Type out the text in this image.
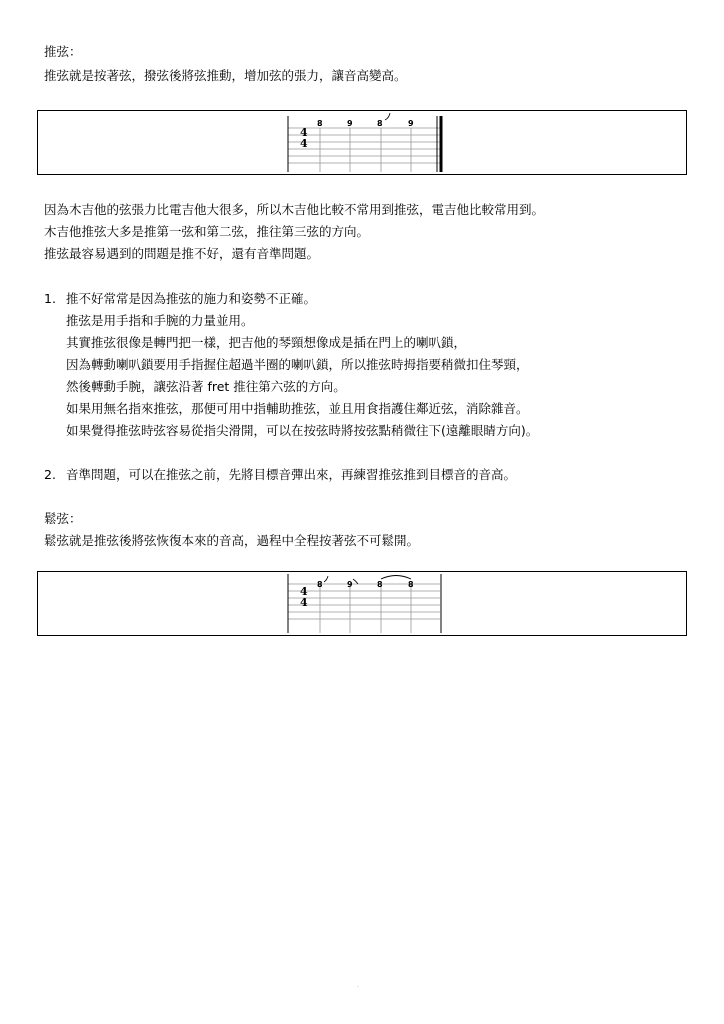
推弦：
推弦就是按著弦，撥弦後將弦推動，增加弦的張力，讓音高變高。
4
4
8	9	8	9
因為木吉他的弦張力比電吉他大很多，所以木吉他比較不常用到推弦，電吉他比較常用到。
木吉他推弦大多是推第一弦和第二弦，推往第三弦的方向。
推弦最容易遇到的問題是推不好，還有音準問題。
1. 推不好常常是因為推弦的施力和姿勢不正確。
推弦是用手指和手腕的力量並用。
其實推弦很像是轉門把一樣，把吉他的琴頸想像成是插在門上的喇叭鎖，
因為轉動喇叭鎖要用手指握住超過半圈的喇叭鎖，所以推弦時拇指要稍微扣住琴頸，
然後轉動手腕，讓弦沿著 fret 推往第六弦的方向。
如果用無名指來推弦，那便可用中指輔助推弦，並且用食指護住鄰近弦，消除雜音。
如果覺得推弦時弦容易從指尖滑開，可以在按弦時將按弦點稍微往下(遠離眼睛方向)。
2. 音準問題，可以在推弦之前，先將目標音彈出來，再練習推弦推到目標音的音高。
鬆弦：
鬆弦就是推弦後將弦恢復本來的音高，過程中全程按著弦不可鬆開。
4
4
8	9	8	8
·
